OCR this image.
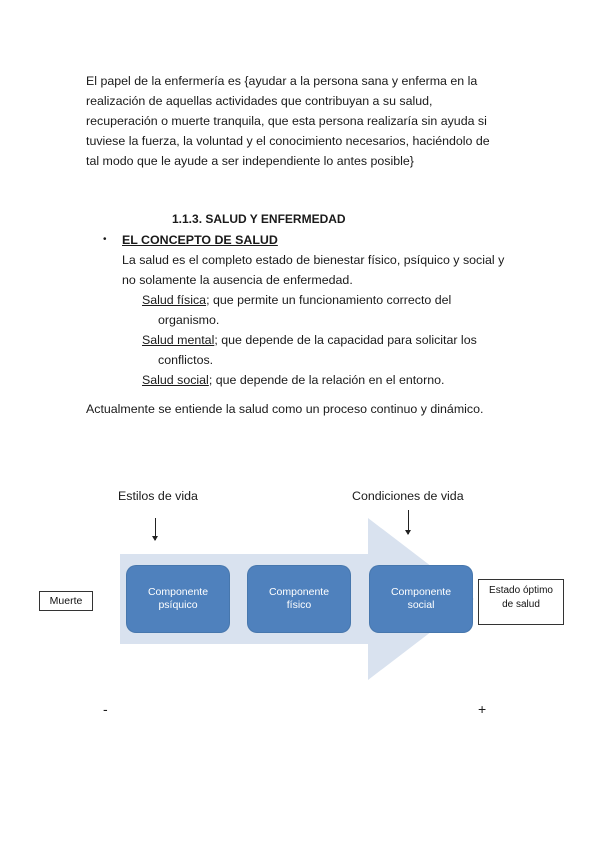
El papel de la enfermería es {ayudar a la persona sana y enferma en la
realización de aquellas actividades que contribuyan a su salud,
recuperación o muerte tranquila, que esta persona realizaría sin ayuda si
tuviese la fuerza, la voluntad y el conocimiento necesarios, haciéndolo de
tal modo que le ayude a ser independiente lo antes posible}
1.1.3. SALUD Y ENFERMEDAD
• EL CONCEPTO DE SALUD
La salud es el completo estado de bienestar físico, psíquico y social y
no solamente la ausencia de enfermedad.
Salud física; que permite un funcionamiento correcto del
organismo.
Salud mental; que depende de la capacidad para solicitar los
conflictos.
Salud social; que depende de la relación en el entorno.
Actualmente se entiende la salud como un proceso continuo y dinámico.
Estilos de vida	Condiciones de vida
Componente
psíquico
Componente
físico
Componente
social
Muerte
Estado óptimo
de salud
-	+
